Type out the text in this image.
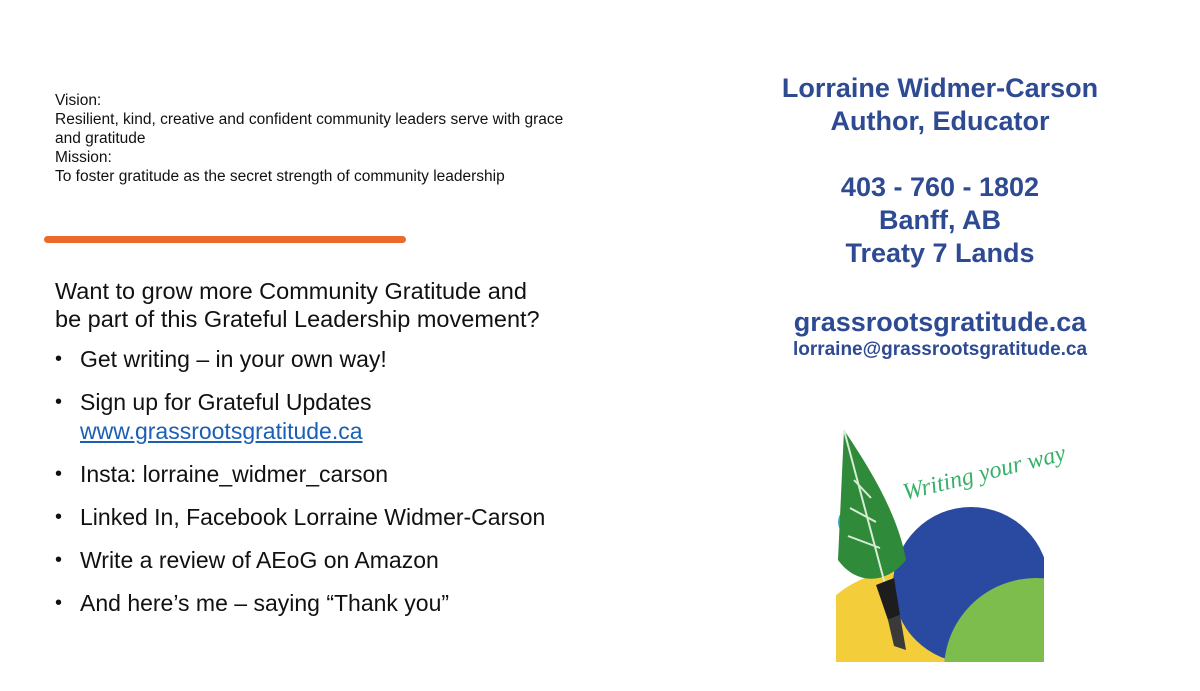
Vision:
Resilient, kind, creative and confident community leaders serve with grace and gratitude
Mission:
To foster gratitude as the secret strength of community leadership
Want to grow more Community Gratitude and
be part of this Grateful Leadership movement?
• Get writing – in your own way!
• Sign up for Grateful Updates
www.grassrootsgratitude.ca
• Insta: lorraine_widmer_carson
• Linked In, Facebook Lorraine Widmer-Carson
• Write a review of AEoG on Amazon
• And here’s me – saying “Thank you”
Lorraine Widmer-Carson
Author, Educator
403 - 760 - 1802
Banff, AB
Treaty 7 Lands
grassrootsgratitude.ca
lorraine@grassrootsgratitude.ca
Writing your way
